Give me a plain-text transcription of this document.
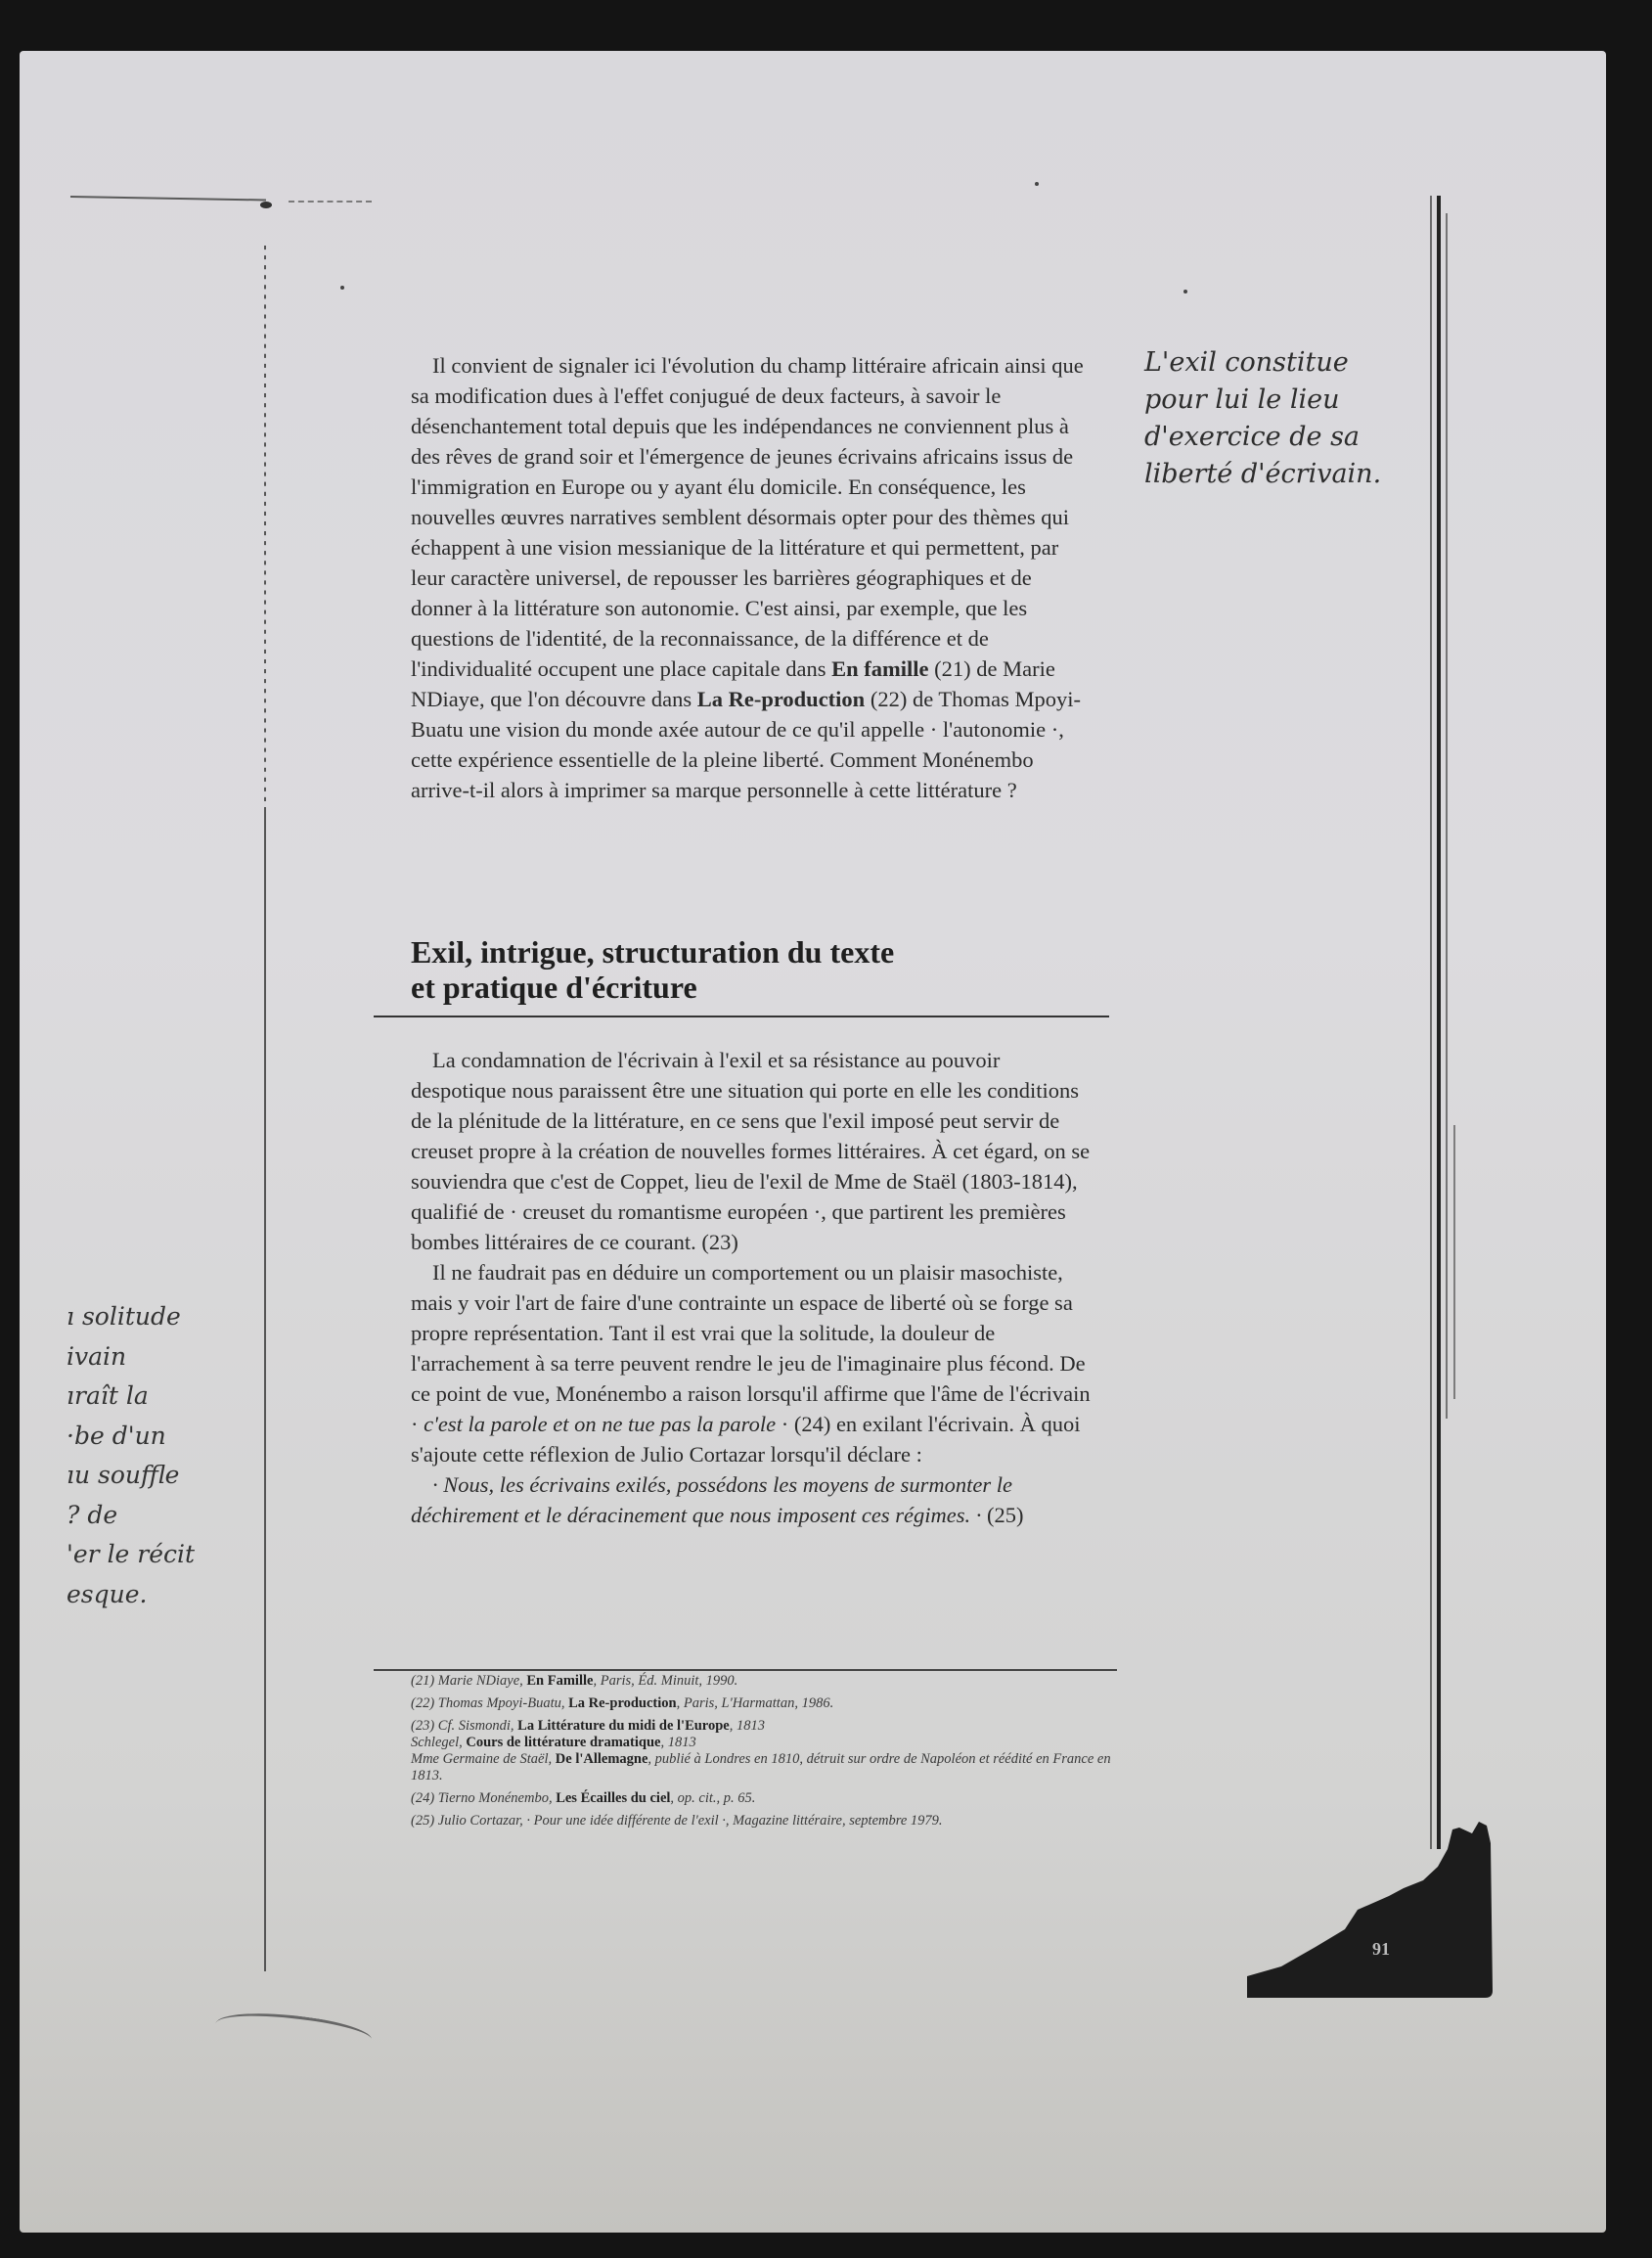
L'exil constitue
pour lui le lieu
d'exercice de sa
liberté d'écrivain.
ı solitude
ivain
ıraît la
·be d'un
ıu souffle
? de
'er le récit
esque.

Il convient de signaler ici l'évolution du champ littéraire africain ainsi que sa modification dues à l'effet conjugué de deux facteurs, à savoir le désenchantement total depuis que les indépendances ne conviennent plus à des rêves de grand soir et l'émergence de jeunes écrivains africains issus de l'immigration en Europe ou y ayant élu domicile. En conséquence, les nouvelles œuvres narratives semblent désormais opter pour des thèmes qui échappent à une vision messianique de la littérature et qui permettent, par leur caractère universel, de repousser les barrières géographiques et de donner à la littérature son autonomie. C'est ainsi, par exemple, que les questions de l'identité, de la reconnaissance, de la différence et de l'individualité occupent une place capitale dans En famille (21) de Marie NDiaye, que l'on découvre dans La Re-production (22) de Thomas Mpoyi-Buatu une vision du monde axée autour de ce qu'il appelle · l'autonomie ·, cette expérience essentielle de la pleine liberté. Comment Monénembo arrive-t-il alors à imprimer sa marque personnelle à cette littérature ?

Exil, intrigue, structuration du texte
et pratique d'écriture

La condamnation de l'écrivain à l'exil et sa résistance au pouvoir despotique nous paraissent être une situation qui porte en elle les conditions de la plénitude de la littérature, en ce sens que l'exil imposé peut servir de creuset propre à la création de nouvelles formes littéraires. À cet égard, on se souviendra que c'est de Coppet, lieu de l'exil de Mme de Staël (1803-1814), qualifié de · creuset du romantisme européen ·, que partirent les premières bombes littéraires de ce courant. (23)

Il ne faudrait pas en déduire un comportement ou un plaisir masochiste, mais y voir l'art de faire d'une contrainte un espace de liberté où se forge sa propre représentation. Tant il est vrai que la solitude, la douleur de l'arrachement à sa terre peuvent rendre le jeu de l'imaginaire plus fécond. De ce point de vue, Monénembo a raison lorsqu'il affirme que l'âme de l'écrivain · c'est la parole et on ne tue pas la parole · (24) en exilant l'écrivain. À quoi s'ajoute cette réflexion de Julio Cortazar lorsqu'il déclare :

· Nous, les écrivains exilés, possédons les moyens de surmonter le déchirement et le déracinement que nous imposent ces régimes. · (25)

(21) Marie NDiaye, En Famille, Paris, Éd. Minuit, 1990.
(22) Thomas Mpoyi-Buatu, La Re-production, Paris, L'Harmattan, 1986.
(23) Cf. Sismondi, La Littérature du midi de l'Europe, 1813
Schlegel, Cours de littérature dramatique, 1813
Mme Germaine de Staël, De l'Allemagne, publié à Londres en 1810, détruit sur ordre de Napoléon et réédité en France en 1813.
(24) Tierno Monénembo, Les Écailles du ciel, op. cit., p. 65.
(25) Julio Cortazar, · Pour une idée différente de l'exil ·, Magazine littéraire, septembre 1979.
91
